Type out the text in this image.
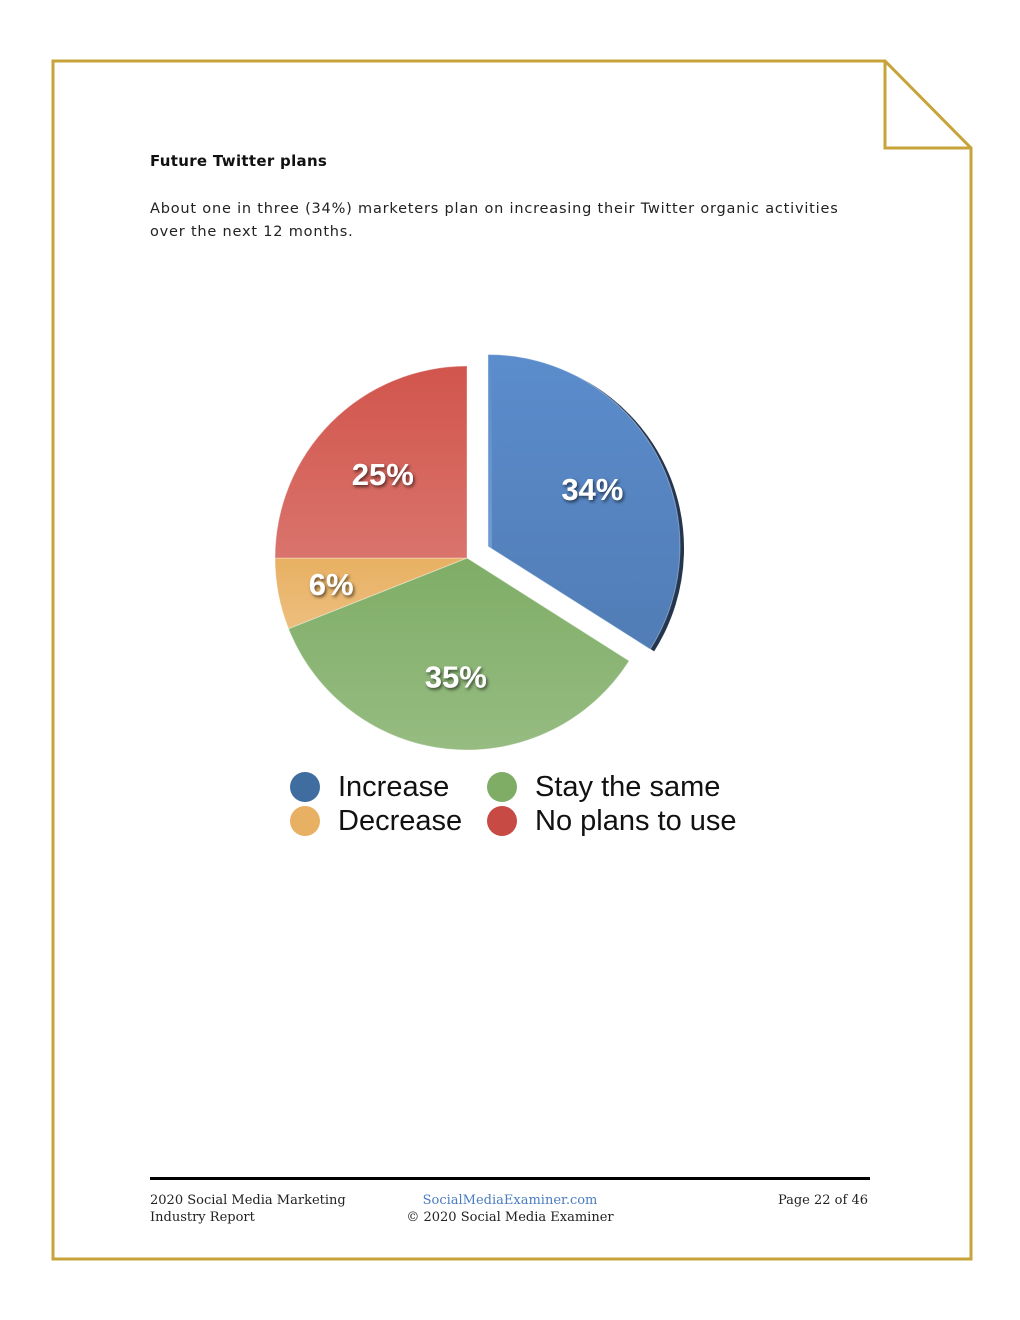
Future Twitter plans

About one in three (34%) marketers plan on increasing their Twitter organic activities over the next 12 months.

34%
35%
6%
25%
Increase	Stay the same
Decrease	No plans to use
2020 Social Media Marketing
Industry Report
SocialMediaExaminer.com
© 2020 Social Media Examiner
Page 22 of 46
